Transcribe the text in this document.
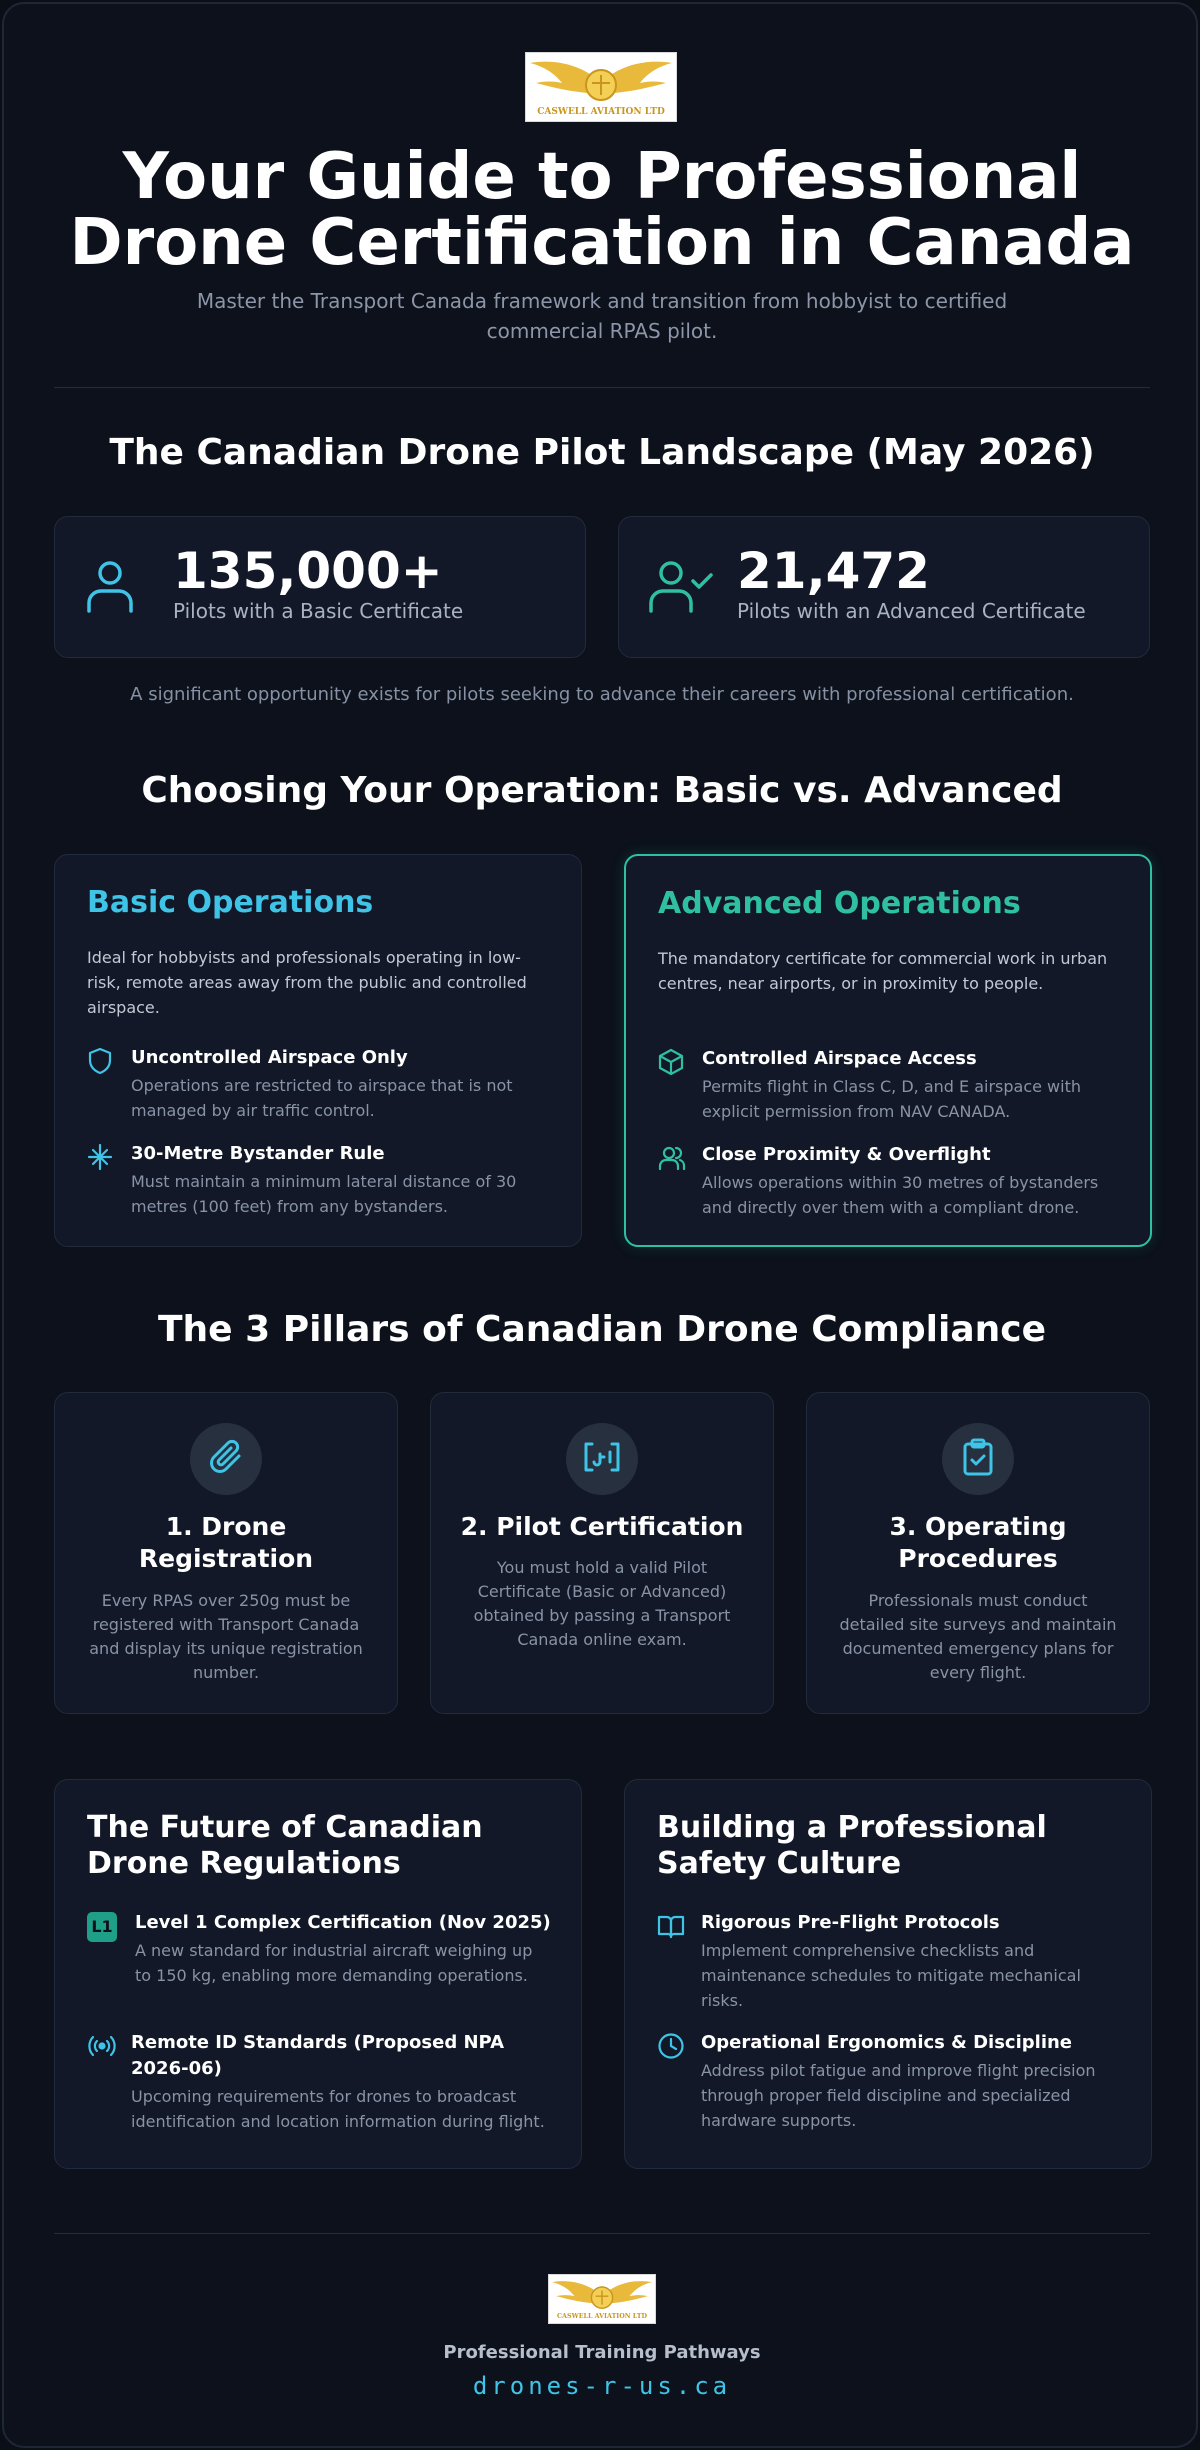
CASWELL AVIATION LTD
Your Guide to Professional Drone Certification in Canada

Master the Transport Canada framework and transition from hobbyist to certified commercial RPAS pilot.

The Canadian Drone Pilot Landscape (May 2026)
135,000+
Pilots with a Basic Certificate
21,472
Pilots with an Advanced Certificate

A significant opportunity exists for pilots seeking to advance their careers with professional certification.

Choosing Your Operation: Basic vs. Advanced
Basic Operations

Ideal for hobbyists and professionals operating in low-risk, remote areas away from the public and controlled airspace.

Uncontrolled Airspace Only
Operations are restricted to airspace that is not managed by air traffic control.
30-Metre Bystander Rule
Must maintain a minimum lateral distance of 30 metres (100 feet) from any bystanders.
Advanced Operations

The mandatory certificate for commercial work in urban centres, near airports, or in proximity to people.

Controlled Airspace Access
Permits flight in Class C, D, and E airspace with explicit permission from NAV CANADA.
Close Proximity & Overflight
Allows operations within 30 metres of bystanders and directly over them with a compliant drone.
The 3 Pillars of Canadian Drone Compliance
1. Drone Registration

Every RPAS over 250g must be registered with Transport Canada and display its unique registration number.

2. Pilot Certification

You must hold a valid Pilot Certificate (Basic or Advanced) obtained by passing a Transport Canada online exam.

3. Operating Procedures

Professionals must conduct detailed site surveys and maintain documented emergency plans for every flight.

The Future of Canadian Drone Regulations
L1 Level 1 Complex Certification (Nov 2025)
A new standard for industrial aircraft weighing up to 150 kg, enabling more demanding operations.
Remote ID Standards (Proposed NPA 2026-06)
Upcoming requirements for drones to broadcast identification and location information during flight.
Building a Professional Safety Culture
Rigorous Pre-Flight Protocols
Implement comprehensive checklists and maintenance schedules to mitigate mechanical risks.
Operational Ergonomics & Discipline
Address pilot fatigue and improve flight precision through proper field discipline and specialized hardware supports.
CASWELL AVIATION LTD
Professional Training Pathways
drones-r-us.ca
